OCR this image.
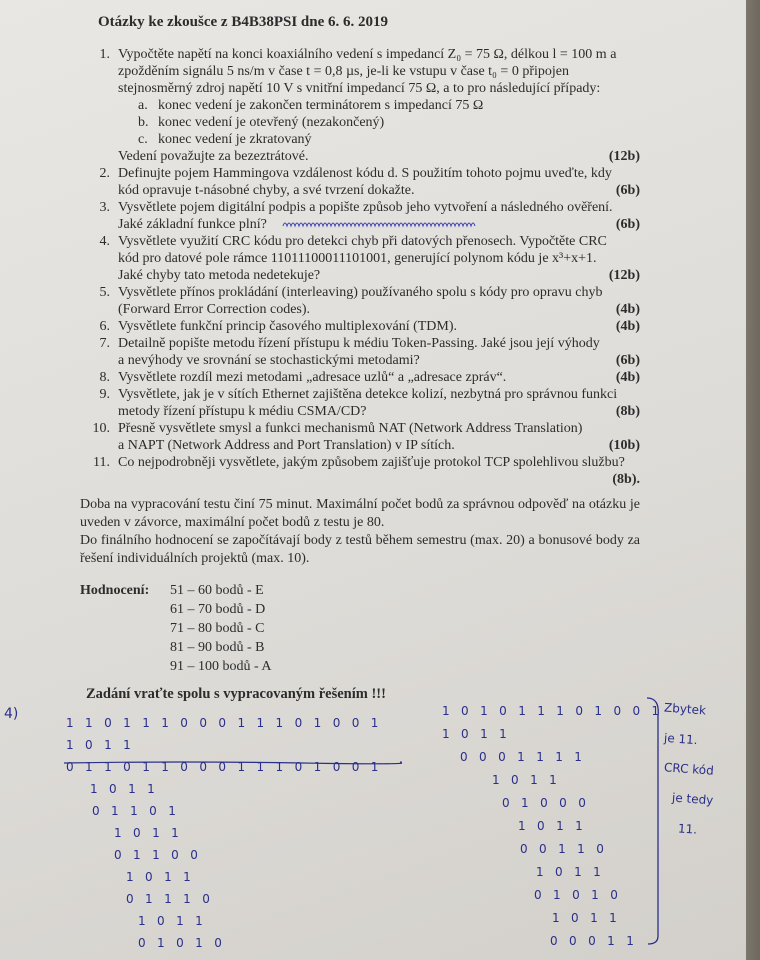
Otázky ke zkoušce z B4B38PSI dne 6. 6. 2019
1. Vypočtěte napětí na konci koaxiálního vedení s impedancí Z₀ = 75 Ω, délkou l = 100 m a
zpožděním signálu 5 ns/m v čase t = 0,8 µs, je-li ke vstupu v čase t₀ = 0 připojen
stejnosměrný zdroj napětí 10 V s vnitřní impedancí 75 Ω, a to pro následující případy:
a. konec vedení je zakončen terminátorem s impedancí 75 Ω
b. konec vedení je otevřený (nezakončený)
c. konec vedení je zkratovaný
(12b)
Vedení považujte za bezeztrátové.
2. Definujte pojem Hammingova vzdálenost kódu d. S použitím tohoto pojmu uveďte, kdy
(6b)
kód opravuje t-násobné chyby, a své tvrzení dokažte.
3. Vysvětlete pojem digitální podpis a popište způsob jeho vytvoření a následného ověření.
(6b)
Jaké základní funkce plní?
4. Vysvětlete využití CRC kódu pro detekci chyb při datových přenosech. Vypočtěte CRC
kód pro datové pole rámce 11011100011101001, generující polynom kódu je x³+x+1.
(12b)
Jaké chyby tato metoda nedetekuje?
5. Vysvětlete přínos prokládání (interleaving) používaného spolu s kódy pro opravu chyb
(4b)
(Forward Error Correction codes).
6.	(4b)
Vysvětlete funkční princip časového multiplexování (TDM).
7. Detailně popište metodu řízení přístupu k médiu Token-Passing. Jaké jsou její výhody
(6b)
a nevýhody ve srovnání se stochastickými metodami?
8.	(4b)
Vysvětlete rozdíl mezi metodami „adresace uzlů“ a „adresace zpráv“.
9. Vysvětlete, jak je v sítích Ethernet zajištěna detekce kolizí, nezbytná pro správnou funkci
(8b)
metody řízení přístupu k médiu CSMA/CD?
10. Přesně vysvětlete smysl a funkci mechanismů NAT (Network Address Translation)
(10b)
a NAPT (Network Address and Port Translation) v IP sítích.
11. Co nejpodrobněji vysvětlete, jakým způsobem zajišťuje protokol TCP spolehlivou službu?
(8b).

Doba na vypracování testu činí 75 minut. Maximální počet bodů za správnou odpověď na otázku je uveden v závorce, maximální počet bodů z testu je 80.

Do finálního hodnocení se započítávají body z testů během semestru (max. 20) a bonusové body za řešení individuálních projektů (max. 10).

Hodnocení: 51 – 60 bodů - E
61 – 70 bodů - D
71 – 80 bodů - C
81 – 90 bodů - B
91 – 100 bodů - A
Zadání vraťte spolu s vypracovaným řešením !!!
4)
1 1 0 1 1 1 0 0 0 1 1 1 0 1 0 0 1
1 0 1 1
0 1 1 0 1 1 0 0 0 1 1 1 0 1 0 0 1
1 0 1 1
0 1 1 0 1
1 0 1 1
0 1 1 0 0
1 0 1 1
0 1 1 1 0
1 0 1 1
0 1 0 1 0
1 0 1 0 1 1 1 0 1 0 0 1
1 0 1 1
0 0 0 1 1 1 1
1 0 1 1
0 1 0 0 0
1 0 1 1
0 0 1 1 0
1 0 1 1
0 1 0 1 0
1 0 1 1
0 0 0 1 1
Zbytek
je 11.
CRC kód
je tedy
11.
